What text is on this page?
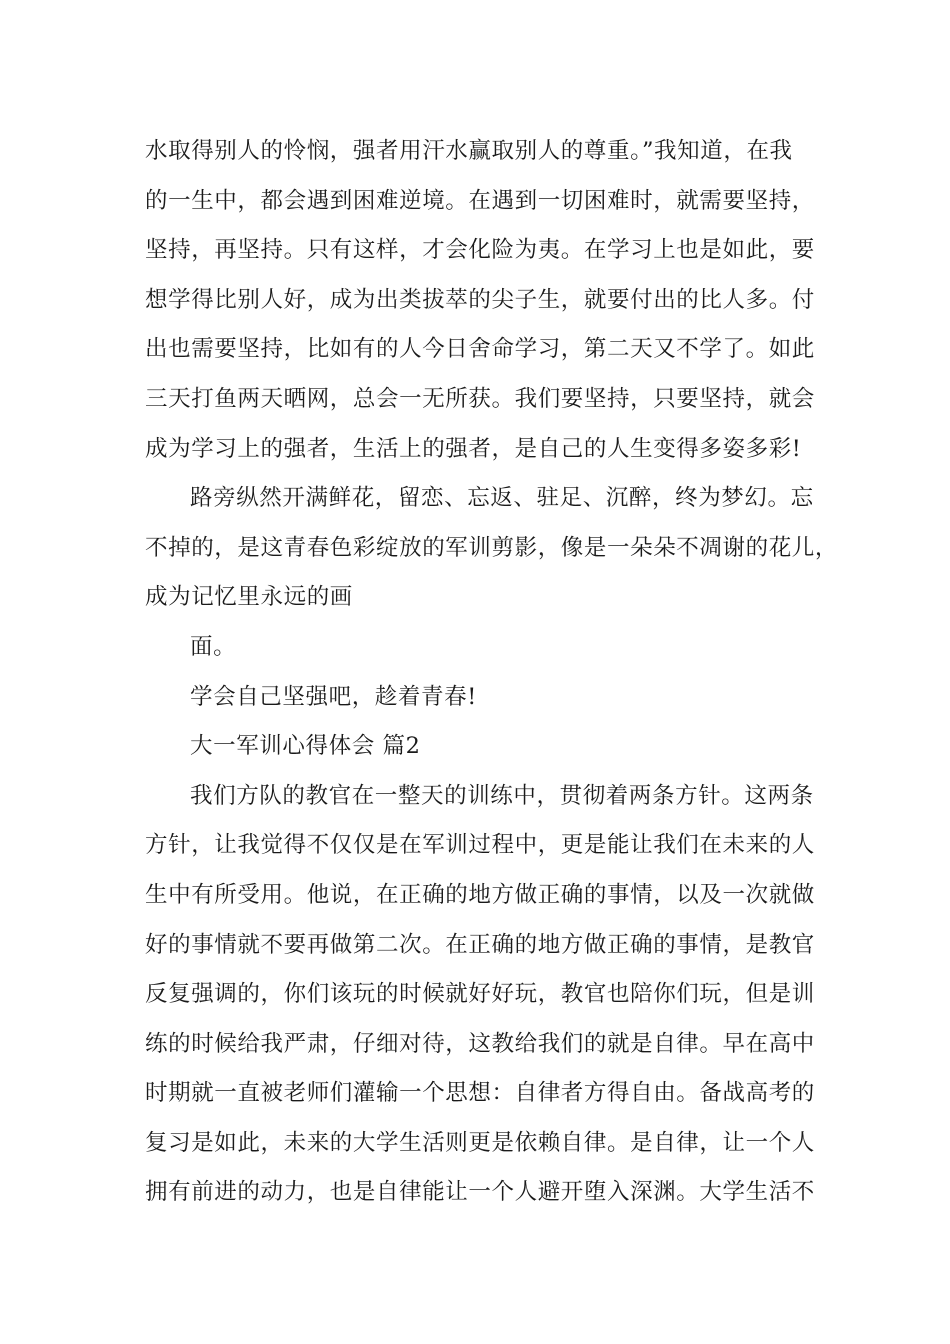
水取得别人的怜悯，强者用汗水赢取别人的尊重。”我知道，在我
的一生中，都会遇到困难逆境。在遇到一切困难时，就需要坚持，
坚持，再坚持。只有这样，才会化险为夷。在学习上也是如此，要
想学得比别人好，成为出类拔萃的尖子生，就要付出的比人多。付
出也需要坚持，比如有的人今日舍命学习，第二天又不学了。如此
三天打鱼两天晒网，总会一无所获。我们要坚持，只要坚持，就会
成为学习上的强者，生活上的强者，是自己的人生变得多姿多彩!
路旁纵然开满鲜花，留恋、忘返、驻足、沉醉，终为梦幻。忘
不掉的，是这青春色彩绽放的军训剪影，像是一朵朵不凋谢的花儿，
成为记忆里永远的画
面。
学会自己坚强吧，趁着青春!
大一军训心得体会 篇2
我们方队的教官在一整天的训练中，贯彻着两条方针。这两条
方针，让我觉得不仅仅是在军训过程中，更是能让我们在未来的人
生中有所受用。他说，在正确的地方做正确的事情，以及一次就做
好的事情就不要再做第二次。在正确的地方做正确的事情，是教官
反复强调的，你们该玩的时候就好好玩，教官也陪你们玩，但是训
练的时候给我严肃，仔细对待，这教给我们的就是自律。早在高中
时期就一直被老师们灌输一个思想：自律者方得自由。备战高考的
复习是如此，未来的大学生活则更是依赖自律。是自律，让一个人
拥有前进的动力，也是自律能让一个人避开堕入深渊。大学生活不
